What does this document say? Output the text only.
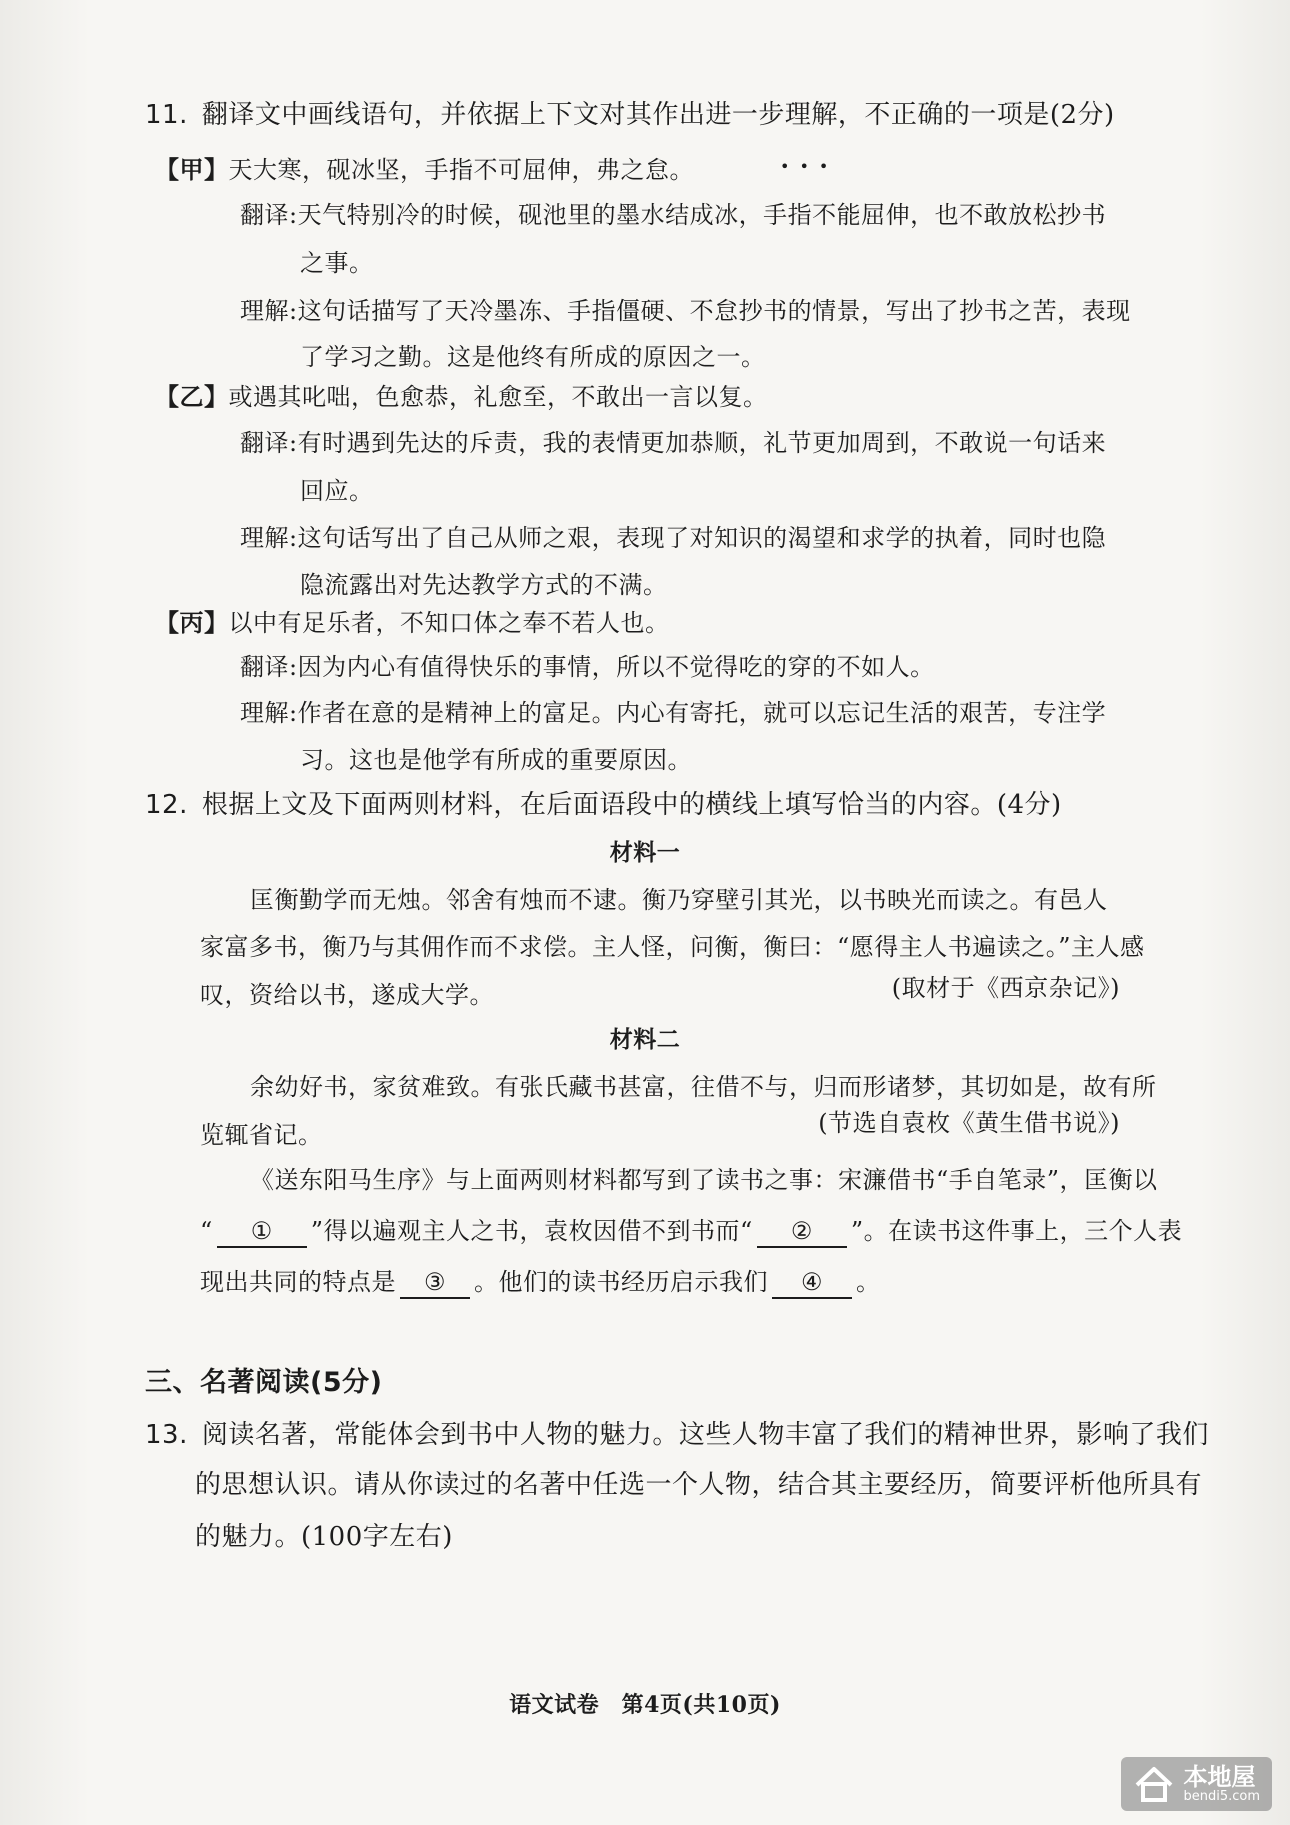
11. 翻译文中画线语句，并依据上下文对其作出进一步理解，不正确的一项是(2分)
•••
【甲】天大寒，砚冰坚，手指不可屈伸，弗之怠。
翻译:天气特别冷的时候，砚池里的墨水结成冰，手指不能屈伸，也不敢放松抄书
之事。
理解:这句话描写了天冷墨冻、手指僵硬、不怠抄书的情景，写出了抄书之苦，表现
了学习之勤。这是他终有所成的原因之一。
【乙】或遇其叱咄，色愈恭，礼愈至，不敢出一言以复。
翻译:有时遇到先达的斥责，我的表情更加恭顺，礼节更加周到，不敢说一句话来
回应。
理解:这句话写出了自己从师之艰，表现了对知识的渴望和求学的执着，同时也隐
隐流露出对先达教学方式的不满。
【丙】以中有足乐者，不知口体之奉不若人也。
翻译:因为内心有值得快乐的事情，所以不觉得吃的穿的不如人。
理解:作者在意的是精神上的富足。内心有寄托，就可以忘记生活的艰苦，专注学
习。这也是他学有所成的重要原因。
12. 根据上文及下面两则材料，在后面语段中的横线上填写恰当的内容。(4分)
材料一
匡衡勤学而无烛。邻舍有烛而不逮。衡乃穿壁引其光，以书映光而读之。有邑人
家富多书，衡乃与其佣作而不求偿。主人怪，问衡，衡曰：“愿得主人书遍读之。”主人感
叹，资给以书，遂成大学。	(取材于《西京杂记》)
材料二
余幼好书，家贫难致。有张氏藏书甚富，往借不与，归而形诸梦，其切如是，故有所
览辄省记。	(节选自袁枚《黄生借书说》)
《送东阳马生序》与上面两则材料都写到了读书之事：宋濂借书“手自笔录”，匡衡以
“ ① ”得以遍观主人之书，袁枚因借不到书而“ ② ”。在读书这件事上，三个人表
现出共同的特点是 ③ 。他们的读书经历启示我们 ④ 。
三、名著阅读(5分)
13. 阅读名著，常能体会到书中人物的魅力。这些人物丰富了我们的精神世界，影响了我们
的思想认识。请从你读过的名著中任选一个人物，结合其主要经历，简要评析他所具有
的魅力。(100字左右)
语文试卷　第4页(共10页)
本地屋
bendi5.com
